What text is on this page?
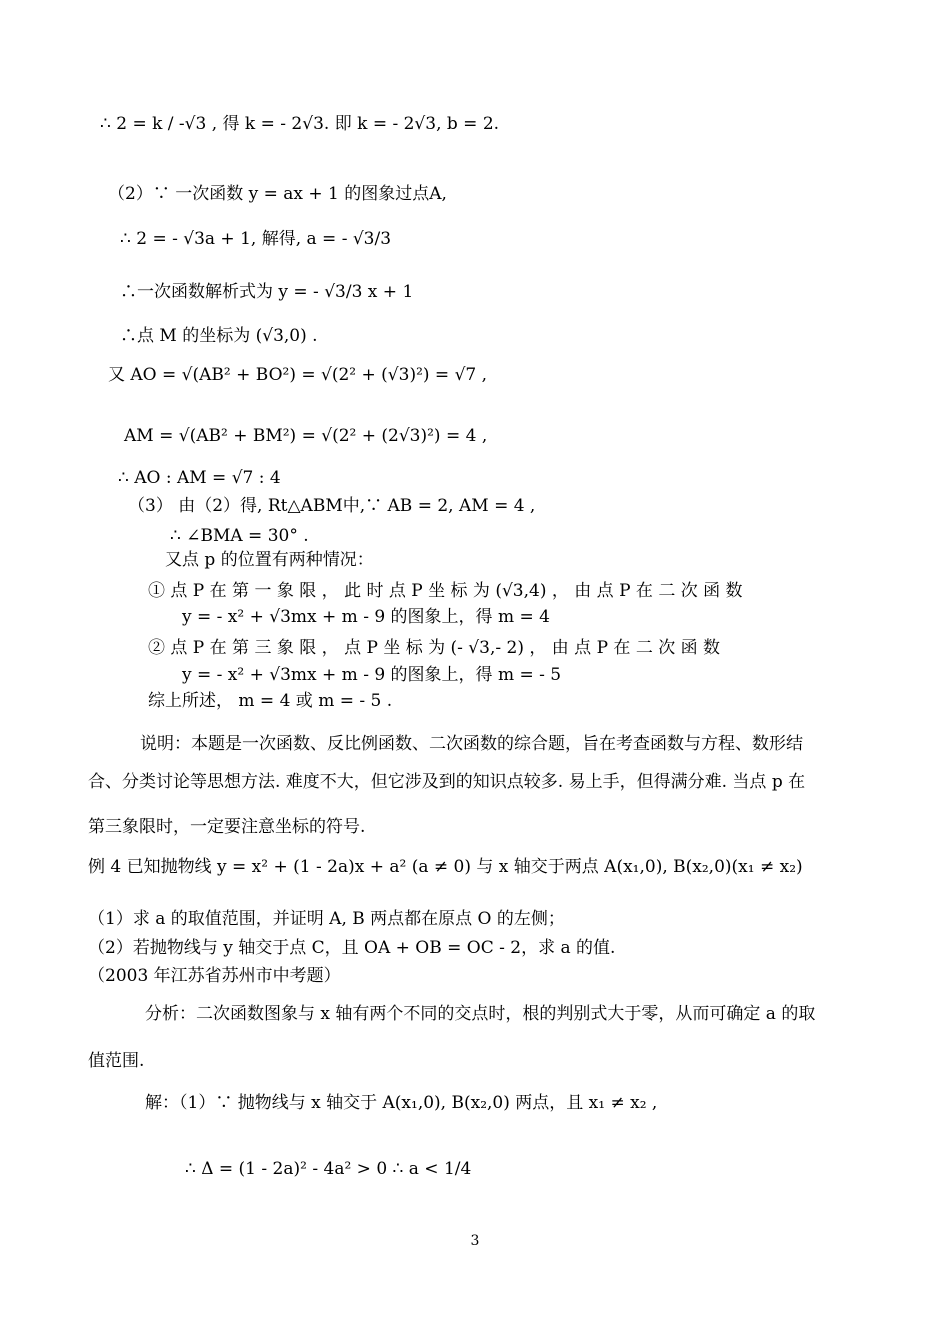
∴ 2 = k / -√3 , 得 k = - 2√3. 即 k = - 2√3, b = 2.
（2）∵ 一次函数 y = ax + 1 的图象过点A,
∴ 2 = - √3a + 1, 解得, a = - √3/3
∴一次函数解析式为 y = - √3/3 x + 1
∴点 M 的坐标为 (√3,0) .
又 AO = √(AB² + BO²) = √(2² + (√3)²) = √7 ,
AM = √(AB² + BM²) = √(2² + (2√3)²) = 4 ,
∴ AO : AM = √7 : 4
（3） 由（2）得, Rt△ABM中,∵ AB = 2, AM = 4 ,
∴ ∠BMA = 30° .
又点 p 的位置有两种情况：
① 点 P 在 第 一 象 限 ， 此 时 点 P 坐 标 为 (√3,4) ， 由 点 P 在 二 次 函 数
y = - x² + √3mx + m - 9 的图象上，得 m = 4
② 点 P 在 第 三 象 限 ， 点 P 坐 标 为 (- √3,- 2) ， 由 点 P 在 二 次 函 数
y = - x² + √3mx + m - 9 的图象上，得 m = - 5
综上所述， m = 4 或 m = - 5 .
说明：本题是一次函数、反比例函数、二次函数的综合题，旨在考查函数与方程、数形结
合、分类讨论等思想方法. 难度不大，但它涉及到的知识点较多. 易上手，但得满分难. 当点 p 在
第三象限时，一定要注意坐标的符号.
例 4 已知抛物线 y = x² + (1 - 2a)x + a² (a ≠ 0) 与 x 轴交于两点 A(x₁,0), B(x₂,0)(x₁ ≠ x₂)
（1）求 a 的取值范围，并证明 A, B 两点都在原点 O 的左侧；
（2）若抛物线与 y 轴交于点 C，且 OA + OB = OC - 2，求 a 的值.
（2003 年江苏省苏州市中考题）
分析：二次函数图象与 x 轴有两个不同的交点时，根的判别式大于零，从而可确定 a 的取
值范围.
解：（1）∵ 抛物线与 x 轴交于 A(x₁,0), B(x₂,0) 两点，且 x₁ ≠ x₂ ,
∴ Δ = (1 - 2a)² - 4a² > 0 ∴ a < 1/4
3
